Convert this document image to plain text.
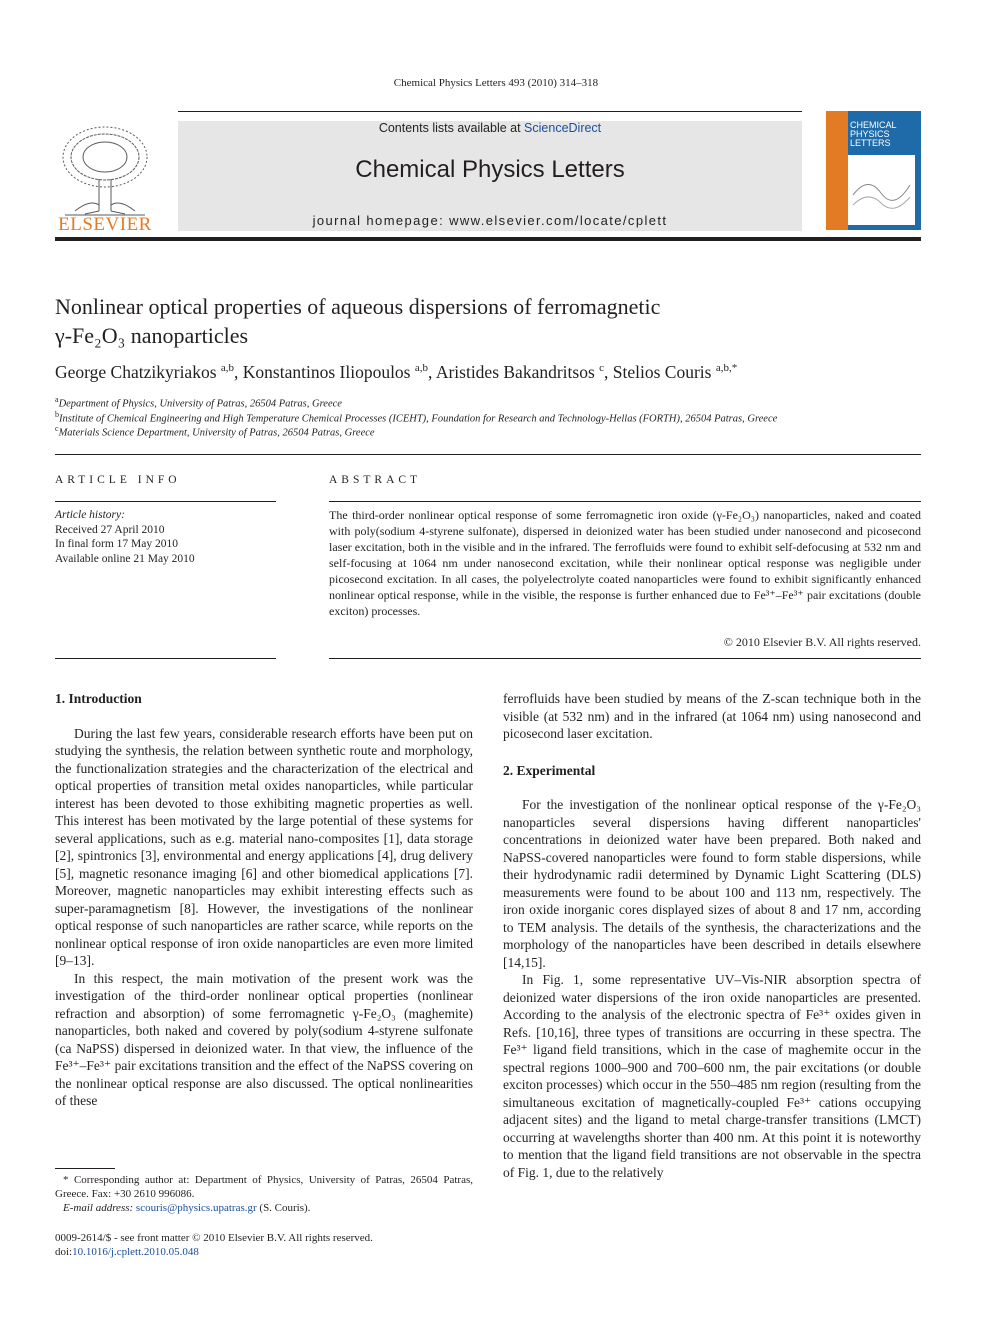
Chemical Physics Letters 493 (2010) 314–318
ELSEVIER
Contents lists available at ScienceDirect
Chemical Physics Letters
journal homepage: www.elsevier.com/locate/cplett
CHEMICAL
PHYSICS
LETTERS
Nonlinear optical properties of aqueous dispersions of ferromagnetic
γ-Fe₂O₃ nanoparticles
George Chatzikyriakos $^{a,b}$, Konstantinos Iliopoulos $^{a,b}$, Aristides Bakandritsos $^c$, Stelios Couris $^{a,b,*}$
$^a$Department of Physics, University of Patras, 26504 Patras, Greece
$^b$Institute of Chemical Engineering and High Temperature Chemical Processes (ICEHT), Foundation for Research and Technology-Hellas (FORTH), 26504 Patras, Greece
$^c$Materials Science Department, University of Patras, 26504 Patras, Greece
ARTICLE INFO
Article history:
Received 27 April 2010
In final form 17 May 2010
Available online 21 May 2010
ABSTRACT
The third-order nonlinear optical response of some ferromagnetic iron oxide (γ-Fe₂O₃) nanoparticles, naked and coated with poly(sodium 4-styrene sulfonate), dispersed in deionized water has been studied under nanosecond and picosecond laser excitation, both in the visible and in the infrared. The ferrofluids were found to exhibit self-defocusing at 532 nm and self-focusing at 1064 nm under nanosecond excitation, while their nonlinear optical response was negligible under picosecond excitation. In all cases, the polyelectrolyte coated nanoparticles were found to exhibit significantly enhanced nonlinear optical response, while in the visible, the response is further enhanced due to Fe³⁺–Fe³⁺ pair excitations (double exciton) processes.
© 2010 Elsevier B.V. All rights reserved.
1. Introduction

During the last few years, considerable research efforts have been put on studying the synthesis, the relation between synthetic route and morphology, the functionalization strategies and the characterization of the electrical and optical properties of transition metal oxides nanoparticles, while particular interest has been devoted to those exhibiting magnetic properties as well. This interest has been motivated by the large potential of these systems for several applications, such as e.g. material nano-composites [1], data storage [2], spintronics [3], environmental and energy applications [4], drug delivery [5], magnetic resonance imaging [6] and other biomedical applications [7]. Moreover, magnetic nanoparticles may exhibit interesting effects such as super-paramagnetism [8]. However, the investigations of the nonlinear optical response of such nanoparticles are rather scarce, while reports on the nonlinear optical response of iron oxide nanoparticles are even more limited [9–13].

In this respect, the main motivation of the present work was the investigation of the third-order nonlinear optical properties (nonlinear refraction and absorption) of some ferromagnetic γ-Fe₂O₃ (maghemite) nanoparticles, both naked and covered by poly(sodium 4-styrene sulfonate (ca NaPSS) dispersed in deionized water. In that view, the influence of the Fe³⁺–Fe³⁺ pair excitations transition and the effect of the NaPSS covering on the nonlinear optical response are also discussed. The optical nonlinearities of these

* Corresponding author at: Department of Physics, University of Patras, 26504 Patras, Greece. Fax: +30 2610 996086.
E-mail address: scouris@physics.upatras.gr (S. Couris).
0009-2614/$ - see front matter © 2010 Elsevier B.V. All rights reserved.
doi:10.1016/j.cplett.2010.05.048

ferrofluids have been studied by means of the Z-scan technique both in the visible (at 532 nm) and in the infrared (at 1064 nm) using nanosecond and picosecond laser excitation.

2. Experimental

For the investigation of the nonlinear optical response of the γ-Fe₂O₃ nanoparticles several dispersions having different nanoparticles' concentrations in deionized water have been prepared. Both naked and NaPSS-covered nanoparticles were found to form stable dispersions, while their hydrodynamic radii determined by Dynamic Light Scattering (DLS) measurements were found to be about 100 and 113 nm, respectively. The iron oxide inorganic cores displayed sizes of about 8 and 17 nm, according to TEM analysis. The details of the synthesis, the characterizations and the morphology of the nanoparticles have been described in details elsewhere [14,15].

In Fig. 1, some representative UV–Vis-NIR absorption spectra of deionized water dispersions of the iron oxide nanoparticles are presented. According to the analysis of the electronic spectra of Fe³⁺ oxides given in Refs. [10,16], three types of transitions are occurring in these spectra. The Fe³⁺ ligand field transitions, which in the case of maghemite occur in the spectral regions 1000–900 and 700–600 nm, the pair excitations (or double exciton processes) which occur in the 550–485 nm region (resulting from the simultaneous excitation of magnetically-coupled Fe³⁺ cations occupying adjacent sites) and the ligand to metal charge-transfer transitions (LMCT) occurring at wavelengths shorter than 400 nm. At this point it is noteworthy to mention that the ligand field transitions are not observable in the spectra of Fig. 1, due to the relatively
